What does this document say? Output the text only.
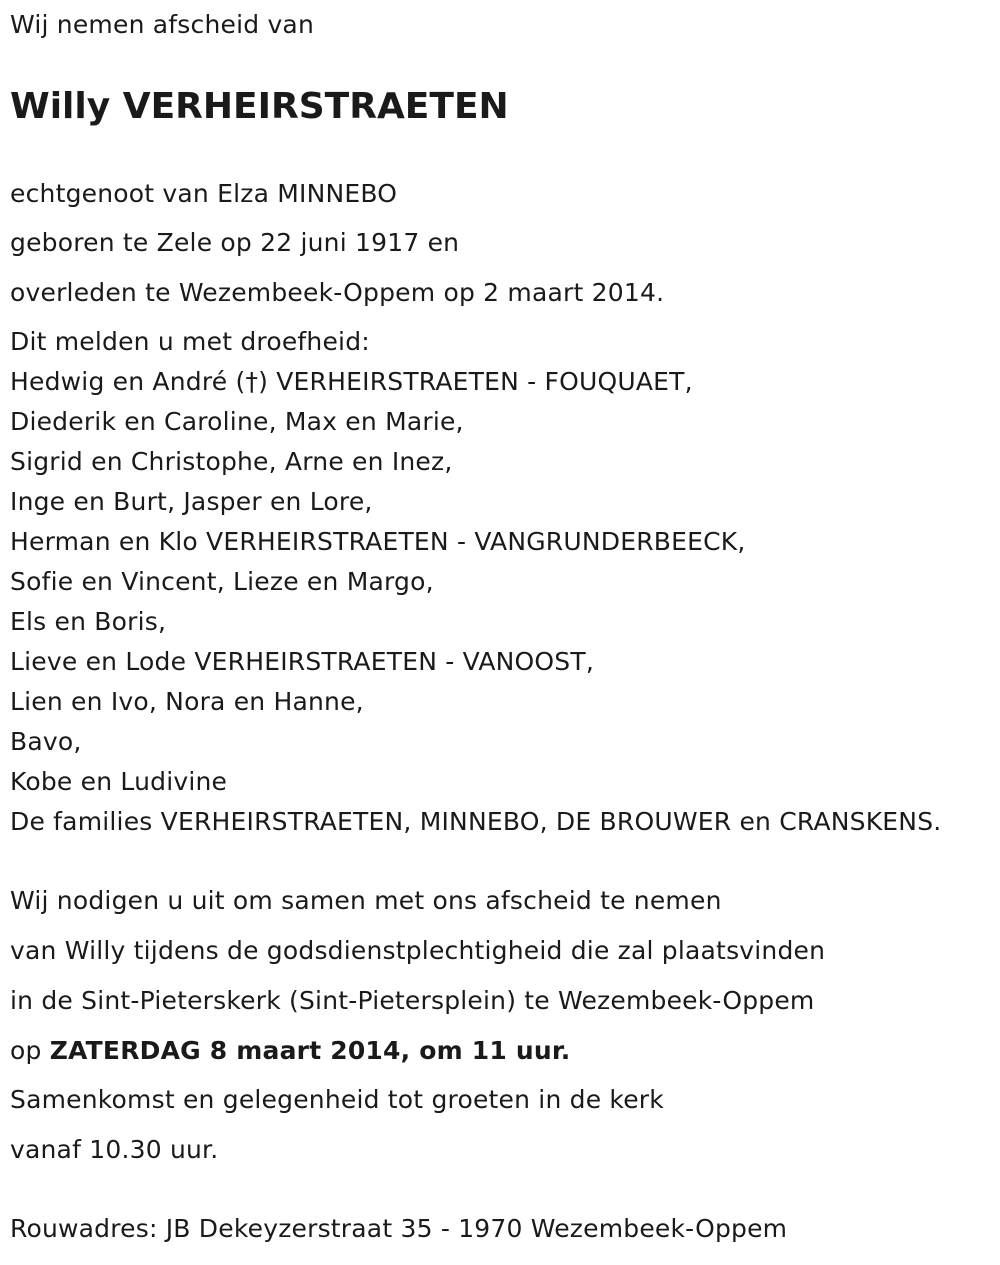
Wij nemen afscheid van
Willy VERHEIRSTRAETEN
echtgenoot van Elza MINNEBO
geboren te Zele op 22 juni 1917 en
overleden te Wezembeek-Oppem op 2 maart 2014.
Dit melden u met droefheid:
Hedwig en André (†) VERHEIRSTRAETEN - FOUQUAET,
Diederik en Caroline, Max en Marie,
Sigrid en Christophe, Arne en Inez,
Inge en Burt, Jasper en Lore,
Herman en Klo VERHEIRSTRAETEN - VANGRUNDERBEECK,
Sofie en Vincent, Lieze en Margo,
Els en Boris,
Lieve en Lode VERHEIRSTRAETEN - VANOOST,
Lien en Ivo, Nora en Hanne,
Bavo,
Kobe en Ludivine
De families VERHEIRSTRAETEN, MINNEBO, DE BROUWER en CRANSKENS.
Wij nodigen u uit om samen met ons afscheid te nemen
van Willy tijdens de godsdienstplechtigheid die zal plaatsvinden
in de Sint-Pieterskerk (Sint-Pietersplein) te Wezembeek-Oppem
op ZATERDAG 8 maart 2014, om 11 uur.
Samenkomst en gelegenheid tot groeten in de kerk
vanaf 10.30 uur.
Rouwadres: JB Dekeyzerstraat 35 - 1970 Wezembeek-Oppem
